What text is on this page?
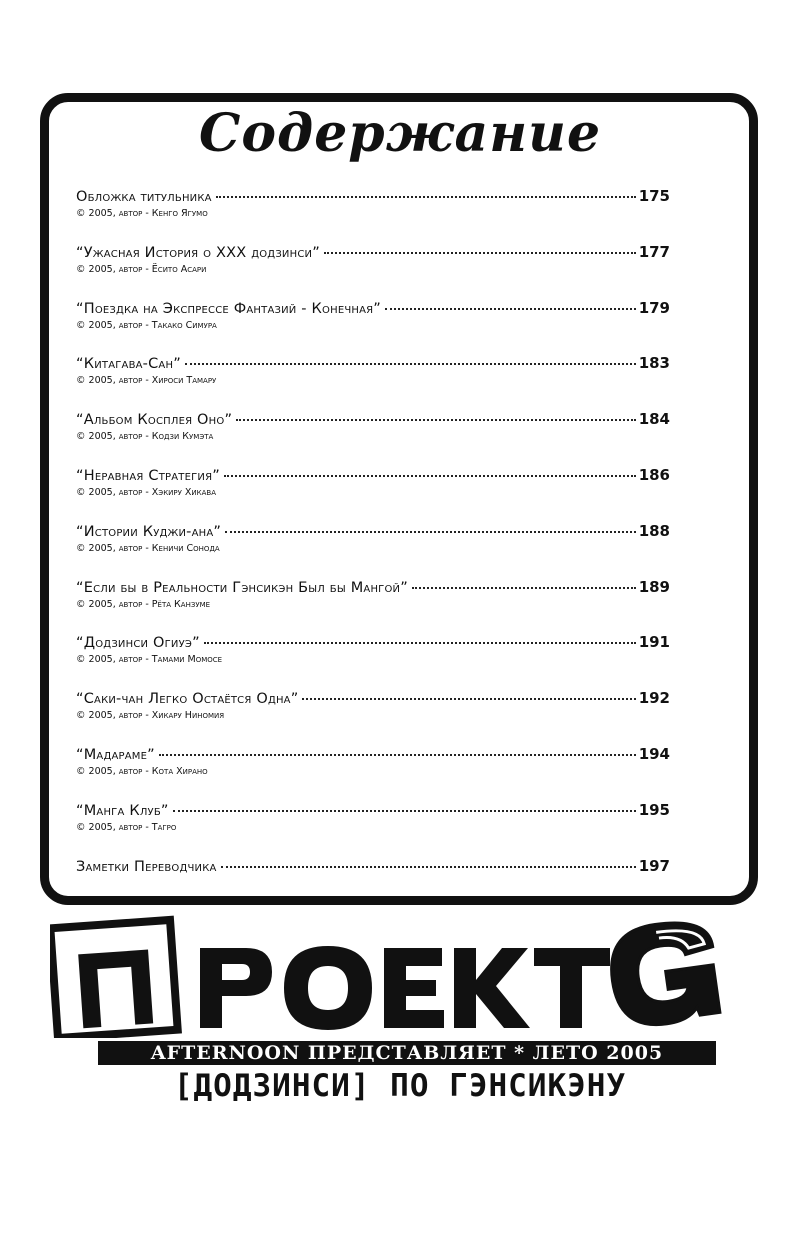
Содержание
Обложка титульника	175
© 2005, автор - Кенго Ягумо
“Ужасная История о XXX додзинси”	177
© 2005, автор - Ёсито Асари
“Поездка на Экспрессе Фантазий - Конечная”	179
© 2005, автор - Такако Симура
“Китагава-Сан”	183
© 2005, автор - Хироси Тамару
“Альбом Косплея Оно”	184
© 2005, автор - Кодзи Кумэта
“Неравная Стратегия”	186
© 2005, автор - Хэкиру Хикава
“Истории Куджи-ана”	188
© 2005, автор - Кеничи Сонода
“Если бы в Реальности Гэнсикэн Был бы Мангой”	189
© 2005, автор - Рёта Канзуме
“Додзинси Огиуэ”	191
© 2005, автор - Тамами Момосе
“Саки-чан Легко Остаётся Одна”	192
© 2005, автор - Хикару Ниномия
“Мадараме”	194
© 2005, автор - Кота Хирано
“Манга Клуб”	195
© 2005, автор - Тагро
Заметки Переводчика	197
AFTERNOON ПРЕДСТАВЛЯЕТ * ЛЕТО 2005
[ДОДЗИНСИ] ПО ГЭНСИКЭНУ
